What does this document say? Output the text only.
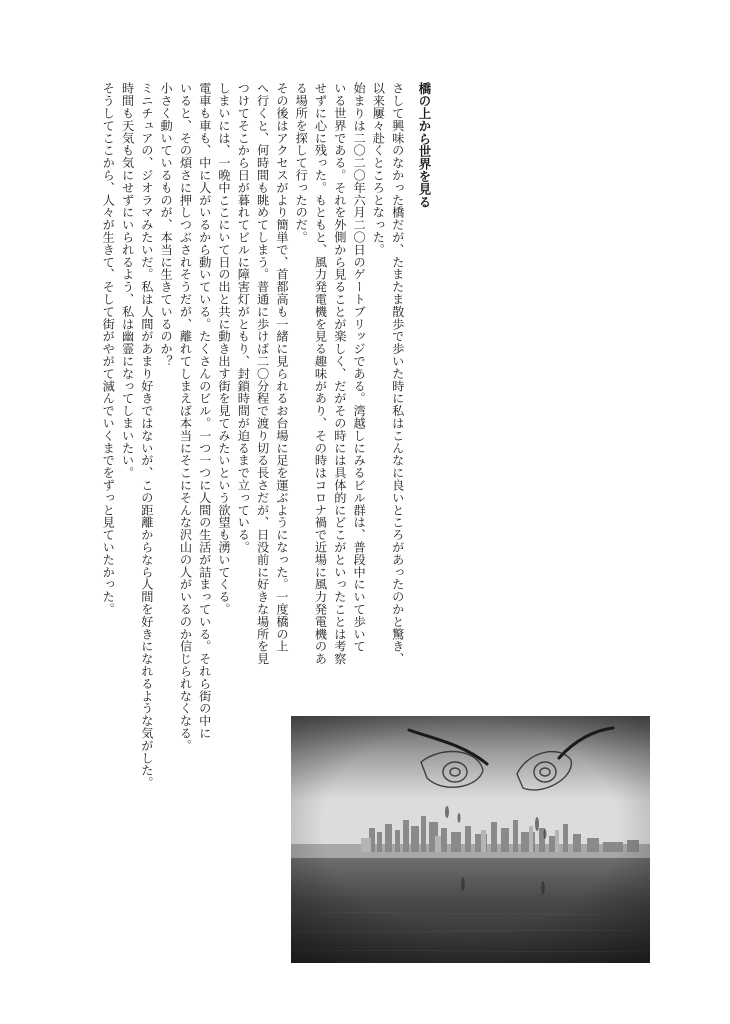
橋の上から世界を見る
さして興味のなかった橋だが、たまたま散歩で歩いた時に私はこんなに良いところがあったのかと驚き、
以来屢々赴くところとなった。
始まりは二〇二〇年六月二〇日のゲートブリッジである。湾越しにみるビル群は、普段中にいて歩いて
いる世界である。それを外側から見ることが楽しく、だがその時には具体的にどこがといったことは考察
せずに心に残った。もともと、風力発電機を見る趣味があり、その時はコロナ禍で近場に風力発電機のあ
る場所を探して行ったのだ。
その後はアクセスがより簡単で、首都高も一緒に見られるお台場に足を運ぶようになった。一度橋の上
へ行くと、何時間も眺めてしまう。普通に歩けば二〇分程で渡り切る長さだが、日没前に好きな場所を見
つけてそこから日が暮れてビルに障害灯がともり、封鎖時間が迫るまで立っている。
しまいには、一晩中ここにいて日の出と共に動き出す街を見てみたいという欲望も湧いてくる。
電車も車も、中に人がいるから動いている。たくさんのビル。一つ一つに人間の生活が詰まっている。それら街の中に
いると、その煩さに押しつぶされそうだが、離れてしまえば本当にそこにそんな沢山の人がいるのか信じられなくなる。
小さく動いているものが、本当に生きているのか？
ミニチュアの、ジオラマみたいだ。私は人間があまり好きではないが、この距離からなら人間を好きになれるような気がした。
時間も天気も気にせずにいられるよう、私は幽霊になってしまいたい。
そうしてここから、人々が生きて、そして街がやがて滅んでいくまでをずっと見ていたかった。
